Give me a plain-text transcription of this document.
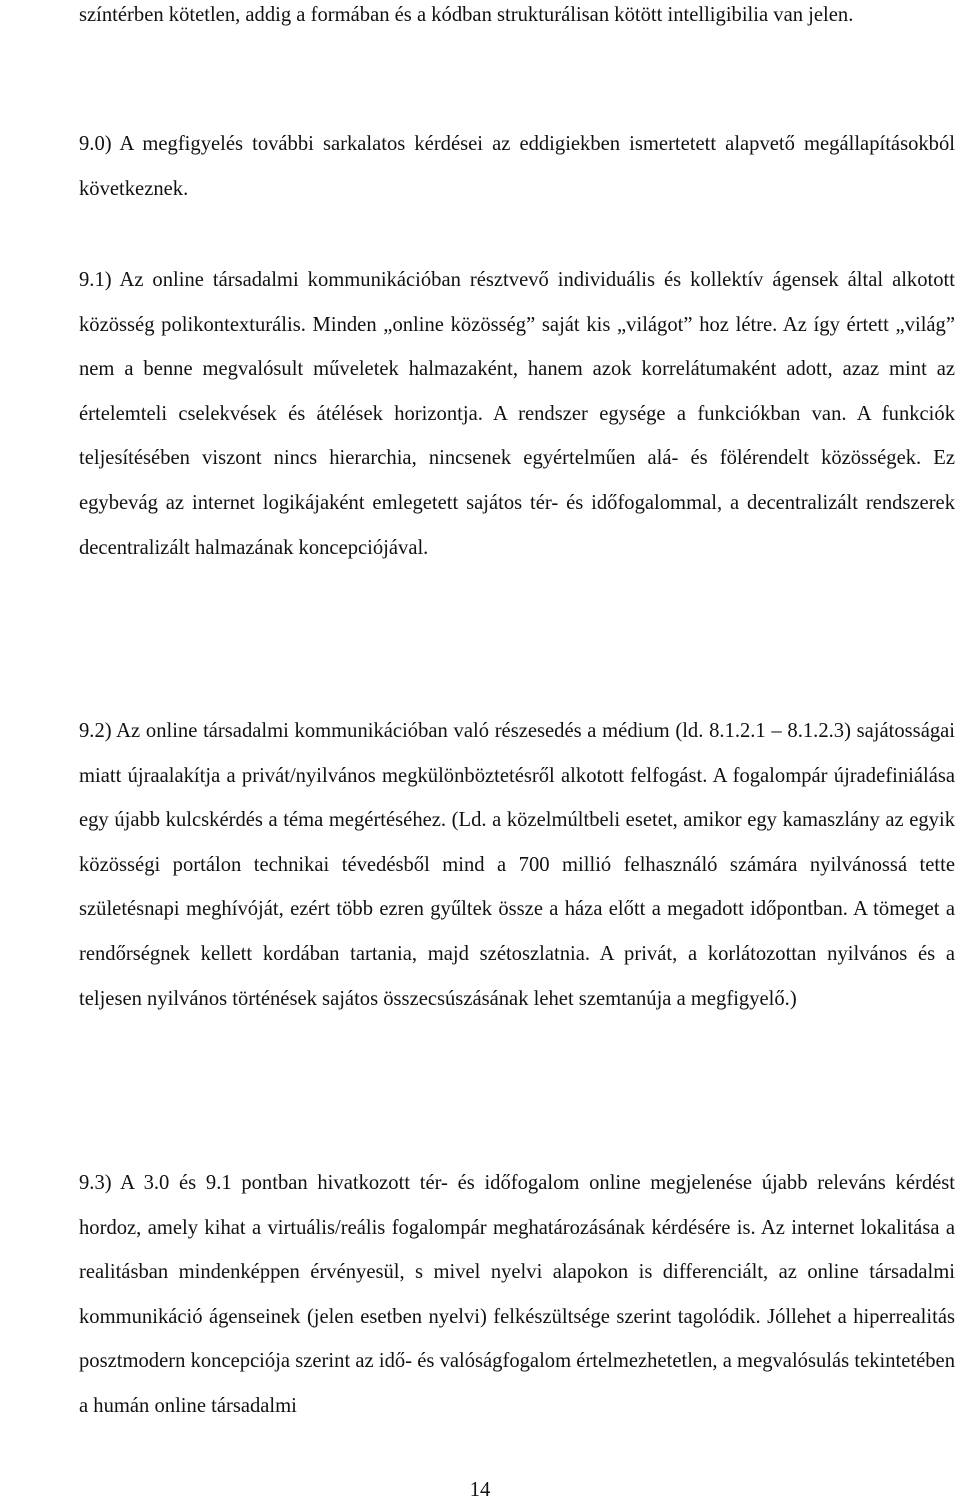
színtérben kötetlen, addig a formában és a kódban strukturálisan kötött intelligibilia van jelen.

9.0) A megfigyelés további sarkalatos kérdései az eddigiekben ismertetett alapvető megállapításokból következnek.

9.1) Az online társadalmi kommunikációban résztvevő individuális és kollektív ágensek által alkotott közösség polikontexturális. Minden „online közösség” saját kis „világot” hoz létre. Az így értett „világ” nem a benne megvalósult műveletek halmazaként, hanem azok korrelátumaként adott, azaz mint az értelemteli cselekvések és átélések horizontja. A rendszer egysége a funkciókban van. A funkciók teljesítésében viszont nincs hierarchia, nincsenek egyértelműen alá- és fölérendelt közösségek. Ez egybevág az internet logikájaként emlegetett sajátos tér- és időfogalommal, a decentralizált rendszerek decentralizált halmazának koncepciójával.

9.2) Az online társadalmi kommunikációban való részesedés a médium (ld. 8.1.2.1 – 8.1.2.3) sajátosságai miatt újraalakítja a privát/nyilvános megkülönböztetésről alkotott felfogást. A fogalompár újradefiniálása egy újabb kulcskérdés a téma megértéséhez. (Ld. a közelmúltbeli esetet, amikor egy kamaszlány az egyik közösségi portálon technikai tévedésből mind a 700 millió felhasználó számára nyilvánossá tette születésnapi meghívóját, ezért több ezren gyűltek össze a háza előtt a megadott időpontban. A tömeget a rendőrségnek kellett kordában tartania, majd szétoszlatnia. A privát, a korlátozottan nyilvános és a teljesen nyilvános történések sajátos összecsúszásának lehet szemtanúja a megfigyelő.)

9.3) A 3.0 és 9.1 pontban hivatkozott tér- és időfogalom online megjelenése újabb releváns kérdést hordoz, amely kihat a virtuális/reális fogalompár meghatározásának kérdésére is. Az internet lokalitása a realitásban mindenképpen érvényesül, s mivel nyelvi alapokon is differenciált, az online társadalmi kommunikáció ágenseinek (jelen esetben nyelvi) felkészültsége szerint tagolódik. Jóllehet a hiperrealitás posztmodern koncepciója szerint az idő- és valóságfogalom értelmezhetetlen, a megvalósulás tekintetében a humán online társadalmi

14
